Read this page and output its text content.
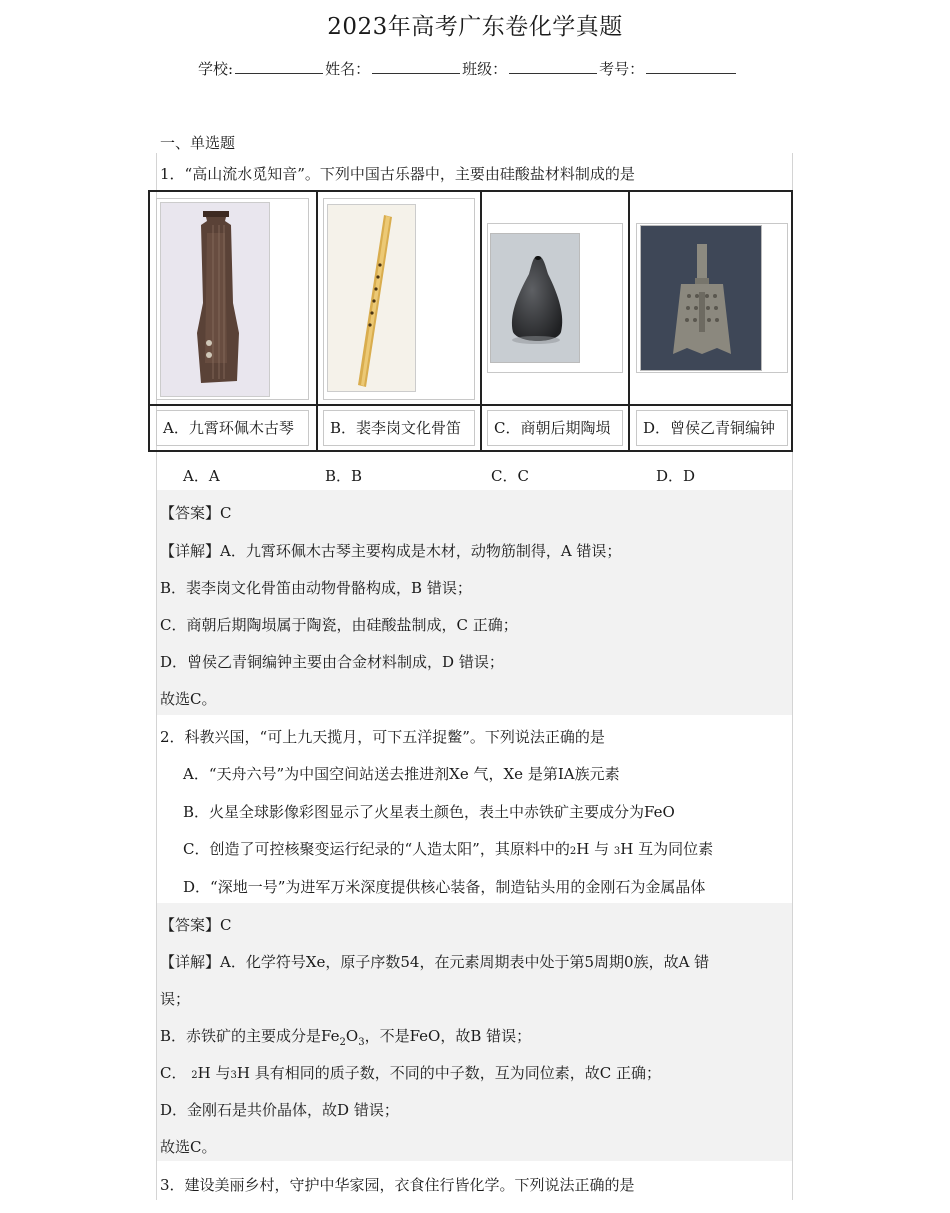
2023年高考广东卷化学真题
学校:	姓名：	班级：	考号：
一、单选题
1．“高山流水觅知音”。下列中国古乐器中，主要由硅酸盐材料制成的是
A．九霄环佩木古琴	B．裴李岗文化骨笛	C．商朝后期陶埙	D．曾侯乙青铜编钟
A．A	B．B	C．C	D．D
【答案】C
【详解】A．九霄环佩木古琴主要构成是木材，动物筋制得，A 错误；
B．裴李岗文化骨笛由动物骨骼构成，B 错误；
C．商朝后期陶埙属于陶瓷，由硅酸盐制成，C 正确；
D．曾侯乙青铜编钟主要由合金材料制成，D 错误；
故选C。
2．科教兴国，“可上九天揽月，可下五洋捉鳖”。下列说法正确的是
A．“天舟六号”为中国空间站送去推进剂Xe 气，Xe 是第IA族元素
B．火星全球影像彩图显示了火星表土颜色，表土中赤铁矿主要成分为FeO
C．创造了可控核聚变运行纪录的“人造太阳”，其原料中的2H 与 3H 互为同位素
D．“深地一号”为进军万米深度提供核心装备，制造钻头用的金刚石为金属晶体
【答案】C
【详解】A．化学符号Xe，原子序数54，在元素周期表中处于第5周期0族，故A 错
误；
B．赤铁矿的主要成分是$Fe_2O_3$，不是FeO，故B 错误；
C． 2H 与3H 具有相同的质子数，不同的中子数，互为同位素，故C 正确；
D．金刚石是共价晶体，故D 错误；
故选C。
3．建设美丽乡村，守护中华家园，衣食住行皆化学。下列说法正确的是
